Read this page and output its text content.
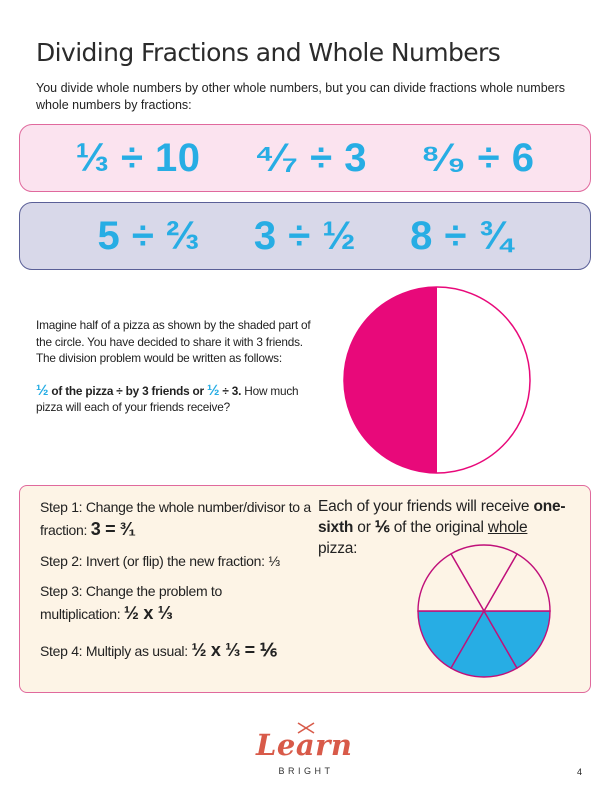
Dividing Fractions and Whole Numbers

You divide whole numbers by other whole numbers, but you can divide fractions whole numbers whole numbers by fractions:

⅓ ÷ 10 ⁴⁄₇ ÷ 3 ⁸⁄₉ ÷ 6
5 ÷ ⅔ 3 ÷ ½ 8 ÷ ¾

Imagine half of a pizza as shown by the shaded part of the circle. You have decided to share it with 3 friends. The division problem would be written as follows:

½ of the pizza ÷ by 3 friends or ½ ÷ 3. How much pizza will each of your friends receive?

Step 1: Change the whole number/divisor to a fraction: 3 = ³⁄₁

Step 2: Invert (or flip) the new fraction: ⅓

Step 3: Change the problem to multiplication: ½ x ⅓

Step 4: Multiply as usual: ½ x ⅓ = ⅙

Each of your friends will receive one-sixth or ⅙ of the original whole pizza:

Learn

BRIGHT	4
